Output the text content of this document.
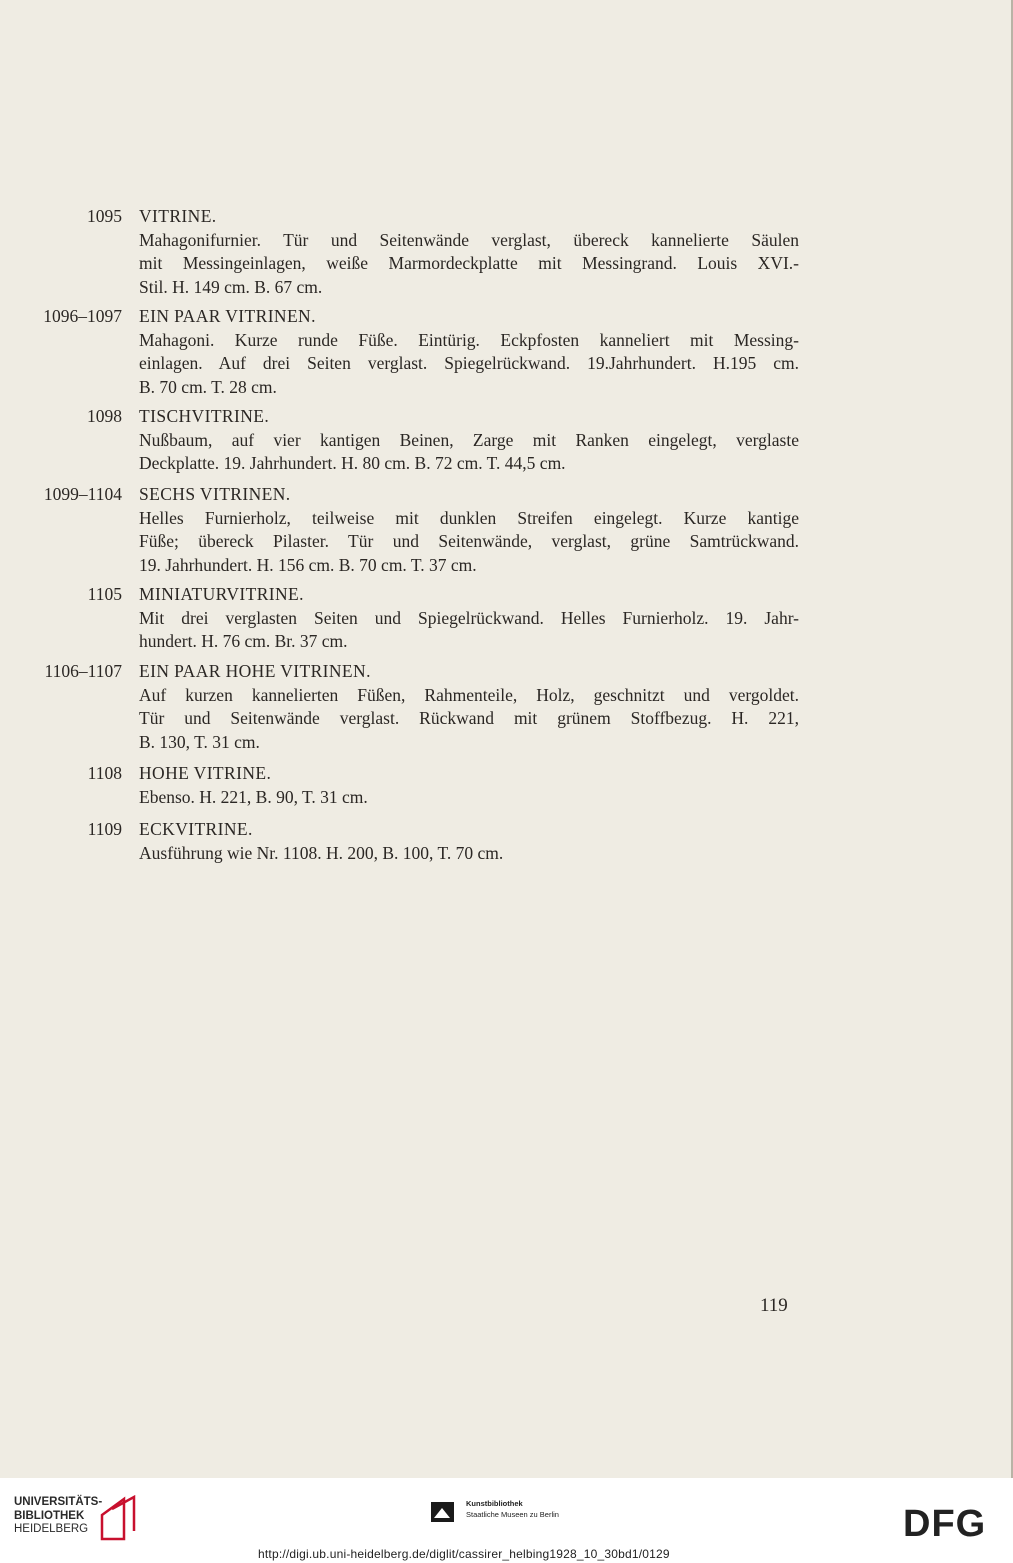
1095 VITRINE.
Mahagonifurnier. Tür und Seitenwände verglast, übereck kannelierte Säulen
mit Messingeinlagen, weiße Marmordeckplatte mit Messingrand. Louis XVI.-
Stil. H. 149 cm. B. 67 cm.
1096–1097 EIN PAAR VITRINEN.
Mahagoni. Kurze runde Füße. Eintürig. Eckpfosten kanneliert mit Messing-
einlagen. Auf drei Seiten verglast. Spiegelrückwand. 19.Jahrhundert. H.195 cm.
B. 70 cm. T. 28 cm.
1098 TISCHVITRINE.
Nußbaum, auf vier kantigen Beinen, Zarge mit Ranken eingelegt, verglaste
Deckplatte. 19. Jahrhundert. H. 80 cm. B. 72 cm. T. 44,5 cm.
1099–1104 SECHS VITRINEN.
Helles Furnierholz, teilweise mit dunklen Streifen eingelegt. Kurze kantige
Füße; übereck Pilaster. Tür und Seitenwände, verglast, grüne Samtrückwand.
19. Jahrhundert. H. 156 cm. B. 70 cm. T. 37 cm.
1105 MINIATURVITRINE.
Mit drei verglasten Seiten und Spiegelrückwand. Helles Furnierholz. 19. Jahr-
hundert. H. 76 cm. Br. 37 cm.
1106–1107 EIN PAAR HOHE VITRINEN.
Auf kurzen kannelierten Füßen, Rahmenteile, Holz, geschnitzt und vergoldet.
Tür und Seitenwände verglast. Rückwand mit grünem Stoffbezug. H. 221,
B. 130, T. 31 cm.
1108 HOHE VITRINE.
Ebenso. H. 221, B. 90, T. 31 cm.
1109 ECKVITRINE.
Ausführung wie Nr. 1108. H. 200, B. 100, T. 70 cm.
119
UNIVERSITÄTS-
BIBLIOTHEK
HEIDELBERG
Kunstbibliothek
Staatliche Museen zu Berlin	DFG
http://digi.ub.uni-heidelberg.de/diglit/cassirer_helbing1928_10_30bd1/0129
